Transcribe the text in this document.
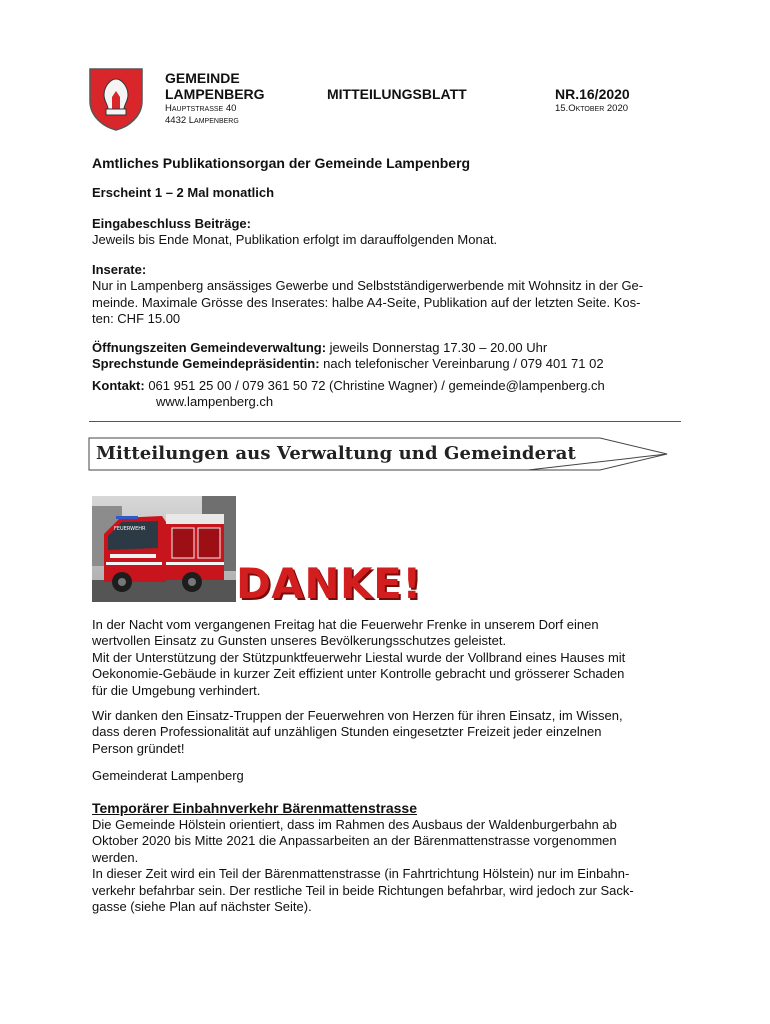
GEMEINDE
LAMPENBERG
Hauptstrasse 40
4432 Lampenberg
MITTEILUNGSBLATT	NR.16/2020
15.Oktober 2020
Amtliches Publikationsorgan der Gemeinde Lampenberg
Erscheint 1 – 2 Mal monatlich
Eingabeschluss Beiträge:
Jeweils bis Ende Monat, Publikation erfolgt im darauffolgenden Monat.
Inserate:
Nur in Lampenberg ansässiges Gewerbe und Selbstständigerwerbende mit Wohnsitz in der Ge-
meinde. Maximale Grösse des Inserates: halbe A4-Seite, Publikation auf der letzten Seite. Kos-
ten: CHF 15.00
Öffnungszeiten Gemeindeverwaltung: jeweils Donnerstag 17.30 – 20.00 Uhr
Sprechstunde Gemeindepräsidentin: nach telefonischer Vereinbarung / 079 401 71 02
Kontakt: 061 951 25 00 / 079 361 50 72 (Christine Wagner) / gemeinde@lampenberg.ch
www.lampenberg.ch
Mitteilungen aus Verwaltung und Gemeinderat
FEUERWEHR
DANKE!
In der Nacht vom vergangenen Freitag hat die Feuerwehr Frenke in unserem Dorf einen
wertvollen Einsatz zu Gunsten unseres Bevölkerungsschutzes geleistet.
Mit der Unterstützung der Stützpunktfeuerwehr Liestal wurde der Vollbrand eines Hauses mit
Oekonomie-Gebäude in kurzer Zeit effizient unter Kontrolle gebracht und grösserer Schaden
für die Umgebung verhindert.
Wir danken den Einsatz-Truppen der Feuerwehren von Herzen für ihren Einsatz, im Wissen,
dass deren Professionalität auf unzähligen Stunden eingesetzter Freizeit jeder einzelnen
Person gründet!
Gemeinderat Lampenberg
Temporärer Einbahnverkehr Bärenmattenstrasse
Die Gemeinde Hölstein orientiert, dass im Rahmen des Ausbaus der Waldenburgerbahn ab
Oktober 2020 bis Mitte 2021 die Anpassarbeiten an der Bärenmattenstrasse vorgenommen
werden.
In dieser Zeit wird ein Teil der Bärenmattenstrasse (in Fahrtrichtung Hölstein) nur im Einbahn-
verkehr befahrbar sein. Der restliche Teil in beide Richtungen befahrbar, wird jedoch zur Sack-
gasse (siehe Plan auf nächster Seite).
